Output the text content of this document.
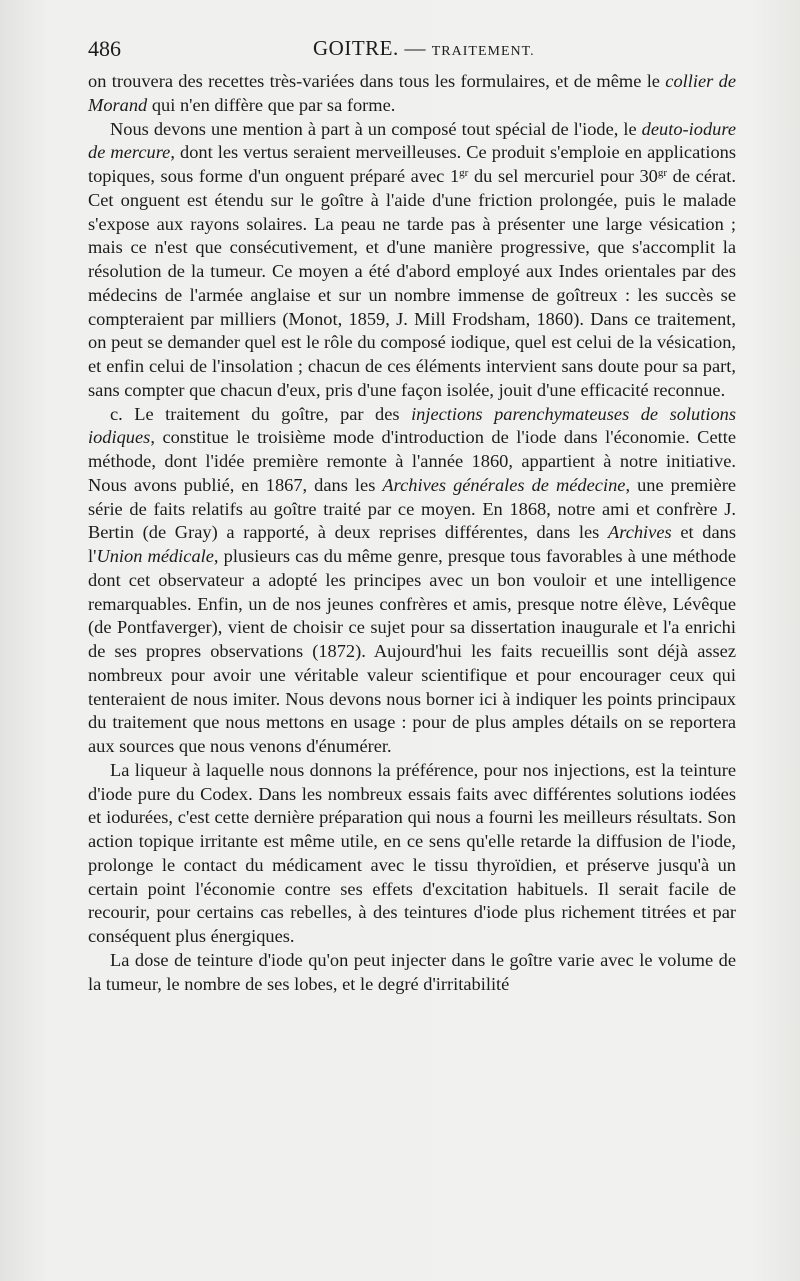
486	GOITRE. — TRAITEMENT.

on trouvera des recettes très-variées dans tous les formulaires, et de même le collier de Morand qui n'en diffère que par sa forme.

Nous devons une mention à part à un composé tout spécial de l'iode, le deuto-iodure de mercure, dont les vertus seraient merveilleuses. Ce produit s'emploie en applications topiques, sous forme d'un onguent préparé avec $1^{gr}$ du sel mercuriel pour $30^{gr}$ de cérat. Cet onguent est étendu sur le goître à l'aide d'une friction prolongée, puis le malade s'expose aux rayons solaires. La peau ne tarde pas à présenter une large vésication ; mais ce n'est que consécutivement, et d'une manière progressive, que s'accomplit la résolution de la tumeur. Ce moyen a été d'abord employé aux Indes orientales par des médecins de l'armée anglaise et sur un nombre immense de goîtreux : les succès se compteraient par milliers (Monot, 1859, J. Mill Frodsham, 1860). Dans ce traitement, on peut se demander quel est le rôle du composé iodique, quel est celui de la vésication, et enfin celui de l'insolation ; chacun de ces éléments intervient sans doute pour sa part, sans compter que chacun d'eux, pris d'une façon isolée, jouit d'une efficacité reconnue.

c. Le traitement du goître, par des injections parenchymateuses de solutions iodiques, constitue le troisième mode d'introduction de l'iode dans l'économie. Cette méthode, dont l'idée première remonte à l'année 1860, appartient à notre initiative. Nous avons publié, en 1867, dans les Archives générales de médecine, une première série de faits relatifs au goître traité par ce moyen. En 1868, notre ami et confrère J. Bertin (de Gray) a rapporté, à deux reprises différentes, dans les Archives et dans l'Union médicale, plusieurs cas du même genre, presque tous favorables à une méthode dont cet observateur a adopté les principes avec un bon vouloir et une intelligence remarquables. Enfin, un de nos jeunes confrères et amis, presque notre élève, Lévêque (de Pontfaverger), vient de choisir ce sujet pour sa dissertation inaugurale et l'a enrichi de ses propres observations (1872). Aujourd'hui les faits recueillis sont déjà assez nombreux pour avoir une véritable valeur scientifique et pour encourager ceux qui tenteraient de nous imiter. Nous devons nous borner ici à indiquer les points principaux du traitement que nous mettons en usage : pour de plus amples détails on se reportera aux sources que nous venons d'énumérer.

La liqueur à laquelle nous donnons la préférence, pour nos injections, est la teinture d'iode pure du Codex. Dans les nombreux essais faits avec différentes solutions iodées et iodurées, c'est cette dernière préparation qui nous a fourni les meilleurs résultats. Son action topique irritante est même utile, en ce sens qu'elle retarde la diffusion de l'iode, prolonge le contact du médicament avec le tissu thyroïdien, et préserve jusqu'à un certain point l'économie contre ses effets d'excitation habituels. Il serait facile de recourir, pour certains cas rebelles, à des teintures d'iode plus richement titrées et par conséquent plus énergiques.

La dose de teinture d'iode qu'on peut injecter dans le goître varie avec le volume de la tumeur, le nombre de ses lobes, et le degré d'irritabilité
